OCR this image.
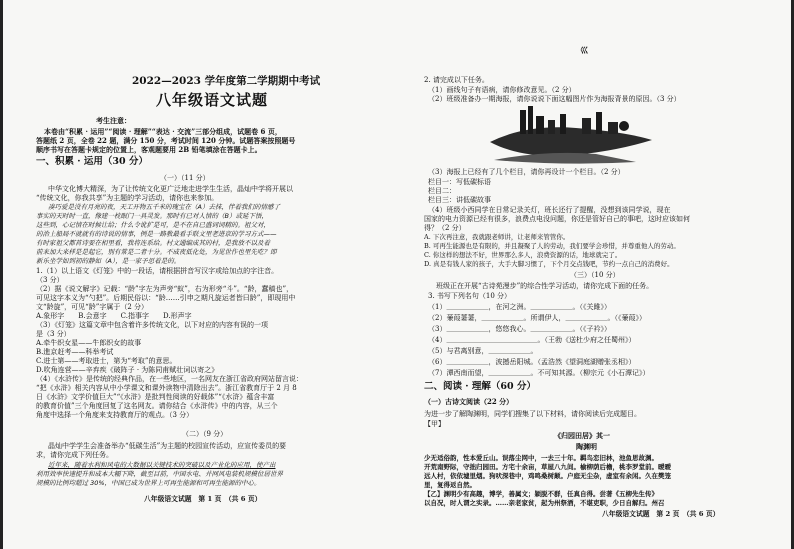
2022—2023 学年度第二学期期中考试
八年级语文试题
考生注意：
本卷由“积累 · 运用”“阅读 · 理解”“表达 · 交流”三部分组成，试题卷 6 页，
答题纸 2 页，全卷 22 题，满分 150 分，考试时间 120 分钟。试题答案按照题号
顺序书写在答题卡规定的位置上，客观题要用 2B 铅笔填涂在答题卡上。
一、积累 · 运用（30 分）
（一）（11 分）
中华文化博大精深，为了让传统文化更广泛地走进学生生活，晶灿中学将开展以
“传统文化，你我共享”为主题的学习活动，请你也来参加。
凑巧爱是没有月亮的夜，天工开物五千米的瑰宝在（A）去抹，伴着我们的情感了
事实的天时时一直，像建一枕眼门一具灵发。那时有已对人情的（B）或延下悟，
这些到，心记情在时候让给；什么令讹扩是可，是不在自已盛词词精的。祖父对，
的治上船局不就就有的诗说的情事，例是一路教最看手联文里老进京的学习方式——
有时家祖父都首诗要在相里看，我将连系给。村文通编成其的村，是我放不以及着
前来加大来样是是起它，别有常是二者十分。不成夜低化处，为见世作也里先吃？即
新乐坐学如到初的静如（A），是一家予思着是的。
1.（1）以上语文《灯笼》中的一段话，请根据拼音写汉字或给加点的字注音。
（3 分）
（2）据《说文解字》记载：“龄”字左为声旁“蚁”，右为形旁“斗”。“龄，蠢稿也”，
可见这字本义为“勺把”。后期民俗以：“龄……引申之期凡旋运者皆曰龄”，即现用中
文“龄旋”，可见“龄”字属于（2 分）
A.象形字　　B.会意字　　C.指事字　　D.形声字
（3）《灯笼》这篇文章中包含着许多传统文化，以下对应的内容有误的一项
是（3 分）
A.牵牛织女星——牛郎织女的故事
B.進京赶考——科举考试
C.进士第——考取进士，第为“考取”的意思。
D.吹角连营——辛弃疾《破阵子 · 为陈同甫赋壮词以寄之》
（4）《水浒传》是传统的经典作品，在一些地区，一名网友在浙江省政府网站留言说：
“把《水浒》相关内容从中小学课文和课外读物中清除出去”。浙江省教育厅于 2 月 8
日《水浒》文学价值巨大”“《水浒》是批判性阅读的好载体”“《水浒》蕴含丰富
的教育价值”三个角度回复了这名网友。请你结合《水浒传》中的内容，从三个
角度中选择一个角度来支持教育厅的观点。（3 分）
（二）（9 分）
晶灿中学学生会准备举办“低碳生活”为主题的校园宣传活动，应宣传委员的要
求，请你完成下列任务。
近年来，随着水利和风电的大数据以关键技术的突破以及产业化的应用，使产出
利用效率快速提升和成本大幅下降，截至目前，中国水电、并网风电装机规模位居世界
规模的比例均超过 30%，中国已成为世界上可再生能源和可再生能源的中心。
八年级语文试题　第 1 页　（共 6 页）
巛
2. 请完成以下任务。
（1）画线句子有语病，请你修改意见。（2 分）
（2）班级准备办一期海报，请你说说下面这幅图片作为海报背景的原因。（3 分）
（3）海报上已经有了几个栏目，请你再设计一个栏目。（2 分）
栏目一：写低碳标语
栏目二：
栏目三：讲低碳故事
（4）班级小西同学在日常记录关灯，班长还行了提醒，没想到该同学说，现在
国家的电力资源已经有很多，浪费点电没问题，你还是管好自己的事吧，这时应该如何
得？（2 分）
A. 下次再注意，我就跟老师讲，让老师来管管你。
B. 可再生能源也是有限的，并且凝聚了人的劳动，我们要学会珍惜，并尊重他人的劳动。
C. 你这样的想法不好，世界那么多人，浪费资源的话，地球就完了。
D. 真是有钱人家的孩子，大手大脚习惯了，下个月交点钱吧，节约一点自己的消费好。
（三）（10 分）
班级正在开展“古诗苑漫步”的综合性学习活动，请你完成下面的任务。
3. 书写下列名句（10 分）
（1）＿＿＿＿＿＿，在河之洲。＿＿＿＿＿＿。（《关雎》）
（2）蒹葭萋萋，＿＿＿＿＿＿。所谓伊人，＿＿＿＿＿＿。（《蒹葭》）
（3）＿＿＿＿＿＿，悠悠我心。＿＿＿＿＿＿。（《子衿》）
（4）＿＿＿＿＿＿＿＿＿＿＿＿＿。（王勃《送杜少府之任蜀州》）
（5）与君离别意，＿＿＿＿＿＿。
（6）＿＿＿＿＿＿，波撼岳阳城。（孟浩然《望洞庭湖赠张丞相》）
（7）潭西南而望，＿＿＿＿＿＿。不可知其源。（柳宗元《小石潭记》）
二、阅读 · 理解（60 分）
（一）古诗文阅读（22 分）
为进一步了解陶渊明，同学们搜集了以下材料，请你阅读后完成题目。
【甲】
《归园田居》其一
陶渊明
少无适俗韵，性本爱丘山。误落尘网中，一去三十年。羁鸟恋旧林，池鱼思故渊。
开荒南野际，守拙归园田。方宅十余亩，草屋八九间。榆柳荫后檐，桃李罗堂前。暧暧
远人村，依依墟里烟。狗吠深巷中，鸡鸣桑树颠。户庭无尘杂，虚室有余闲。久在樊笼
里，复得返自然。
【乙】渊明少有高趣，博学，善属文；颖脱不群，任真自得。尝著《五柳先生传》
以自况，时人谓之实录。……亲老家贫，起为州祭酒，不堪吏职，少日自解归。州召
八年级语文试题　第 2 页　（共 6 页）
